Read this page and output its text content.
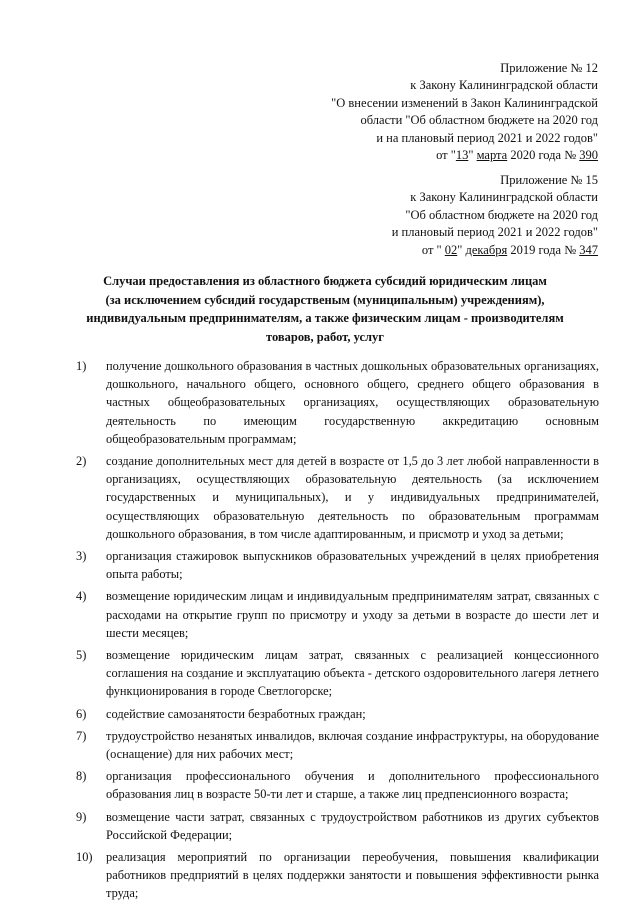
Приложение № 12
к Закону Калининградской области
"О внесении изменений в Закон Калининградской
области "Об областном бюджете на 2020 год
и на плановый период 2021 и 2022 годов"
от "13" марта 2020 года № 390
Приложение № 15
к Закону Калининградской области
"Об областном бюджете на 2020 год
и плановый период 2021 и 2022 годов"
от " 02" декабря 2019 года № 347
Случаи предоставления из областного бюджета субсидий юридическим лицам
(за исключением субсидий государственым (муниципальным) учреждениям),
индивидуальным предпринимателям, а также физическим лицам - производителям
товаров, работ, услуг
1)	получение дошкольного образования в частных дошкольных образовательных организациях, дошкольного, начального общего, основного общего, среднего общего образования в частных общеобразовательных организациях, осуществляющих образовательную деятельность по имеющим государственную аккредитацию основным общеобразовательным программам;
2)	создание дополнительных мест для детей в возрасте от 1,5 до 3 лет любой направленности в организациях, осуществляющих образовательную деятельность (за исключением государственных и муниципальных), и у индивидуальных предпринимателей, осуществляющих образовательную деятельность по образовательным программам дошкольного образования, в том числе адаптированным, и присмотр и уход за детьми;
3)	организация стажировок выпускников образовательных учреждений в целях приобретения опыта работы;
4)	возмещение юридическим лицам и индивидуальным предпринимателям затрат, связанных с расходами на открытие групп по присмотру и уходу за детьми в возрасте до шести лет и шести месяцев;
5)	возмещение юридическим лицам затрат, связанных с реализацией концессионного соглашения на создание и эксплуатацию объекта - детского оздоровительного лагеря летнего функционирования в городе Светлогорске;
6)	содействие самозанятости безработных граждан;
7)	трудоустройство незанятых инвалидов, включая создание инфраструктуры, на оборудование (оснащение) для них рабочих мест;
8)	организация профессионального обучения и дополнительного профессионального образования лиц в возрасте 50-ти лет и старше, а также лиц предпенсионного возраста;
9)	возмещение части затрат, связанных с трудоустройством работников из других субъектов Российской Федерации;
10)	реализация мероприятий по организации переобучения, повышения квалификации работников предприятий в целях поддержки занятости и повышения эффективности рынка труда;
